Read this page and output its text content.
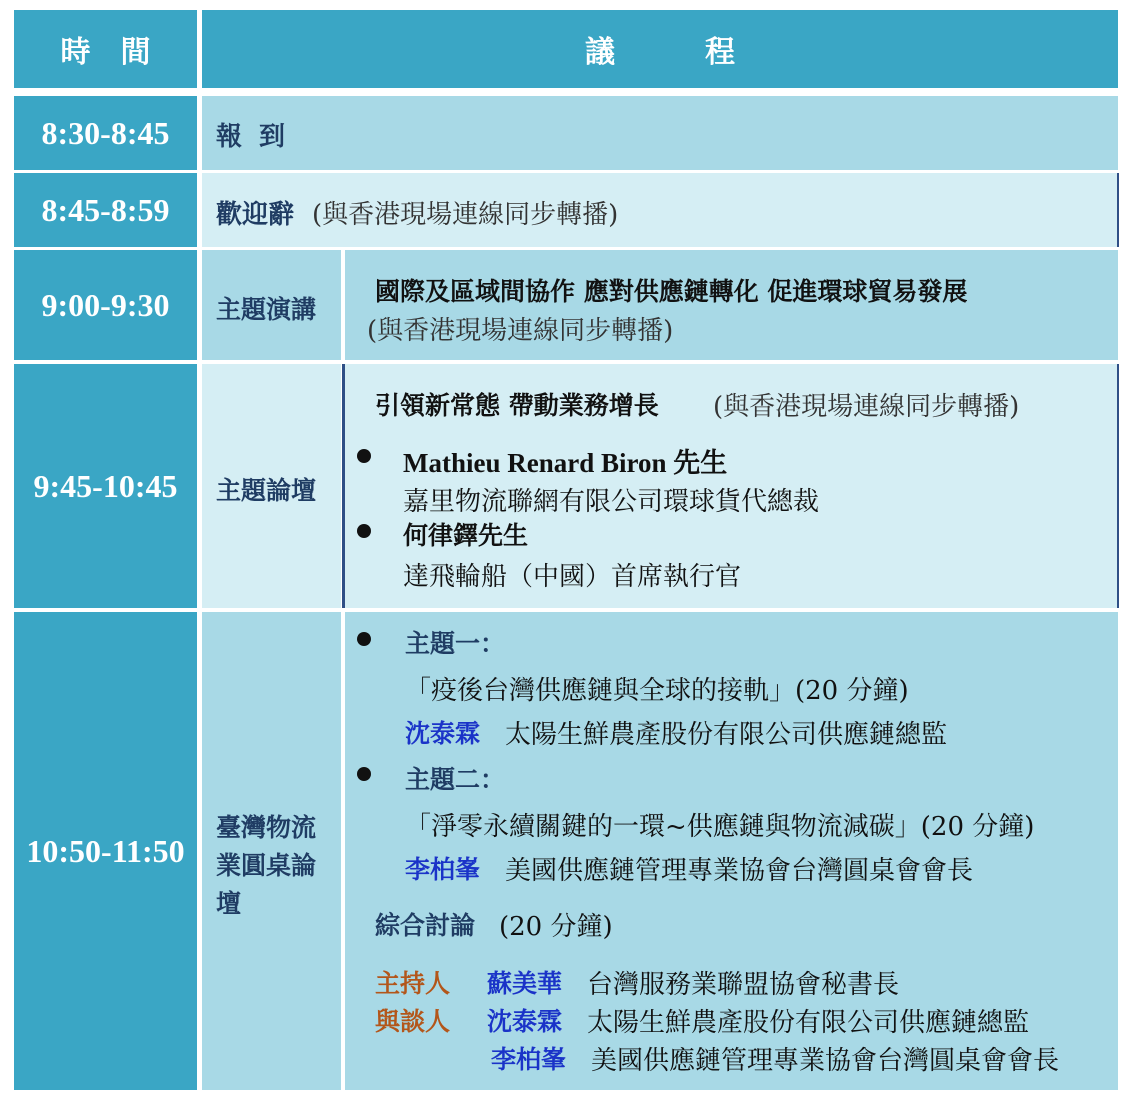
時　間	議　　　程
8:30-8:45 報 到
8:45-8:59 歡迎辭 (與香港現場連線同步轉播)
9:00-9:30 主題演講
國際及區域間協作 應對供應鏈轉化 促進環球貿易發展
(與香港現場連線同步轉播)
9:45-10:45 主題論壇
引領新常態 帶動業務增長 (與香港現場連線同步轉播)
Mathieu Renard Biron 先生
嘉里物流聯網有限公司環球貨代總裁
何律鐸先生
達飛輪船（中國）首席執行官
10:50-11:50
臺灣物流
業圓桌論
壇
主題一：
「疫後台灣供應鏈與全球的接軌」(20 分鐘)
沈泰霖 太陽生鮮農產股份有限公司供應鏈總監
主題二：
「淨零永續關鍵的一環~供應鏈與物流減碳」(20 分鐘)
李柏峯 美國供應鏈管理專業協會台灣圓桌會會長
綜合討論 (20 分鐘)
主持人 蘇美華 台灣服務業聯盟協會秘書長
與談人 沈泰霖 太陽生鮮農產股份有限公司供應鏈總監
李柏峯 美國供應鏈管理專業協會台灣圓桌會會長
